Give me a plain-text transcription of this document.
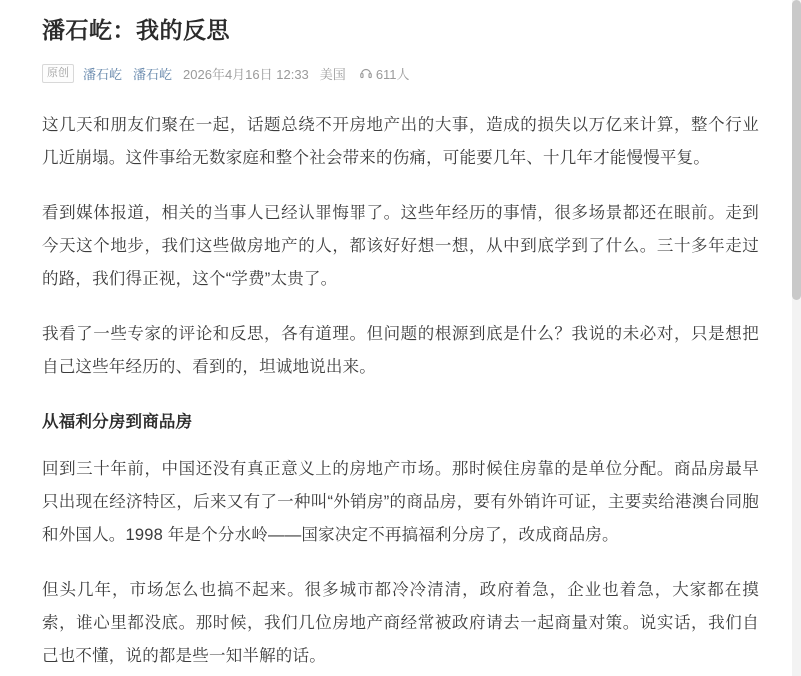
潘石屹：我的反思
原创	潘石屹 潘石屹 2026年4月16日 12:33 美国 611人

这几天和朋友们聚在一起，话题总绕不开房地产出的大事，造成的损失以万亿来计算，整个行业几近崩塌。这件事给无数家庭和整个社会带来的伤痛，可能要几年、十几年才能慢慢平复。

看到媒体报道，相关的当事人已经认罪悔罪了。这些年经历的事情，很多场景都还在眼前。走到今天这个地步，我们这些做房地产的人，都该好好想一想，从中到底学到了什么。三十多年走过的路，我们得正视，这个“学费”太贵了。

我看了一些专家的评论和反思，各有道理。但问题的根源到底是什么？我说的未必对，只是想把自己这些年经历的、看到的，坦诚地说出来。

从福利分房到商品房

回到三十年前，中国还没有真正意义上的房地产市场。那时候住房靠的是单位分配。商品房最早只出现在经济特区，后来又有了一种叫“外销房”的商品房，要有外销许可证，主要卖给港澳台同胞和外国人。1998 年是个分水岭——国家决定不再搞福利分房了，改成商品房。

但头几年，市场怎么也搞不起来。很多城市都冷冷清清，政府着急，企业也着急，大家都在摸索，谁心里都没底。那时候，我们几位房地产商经常被政府请去一起商量对策。说实话，我们自己也不懂，说的都是些一知半解的话。
